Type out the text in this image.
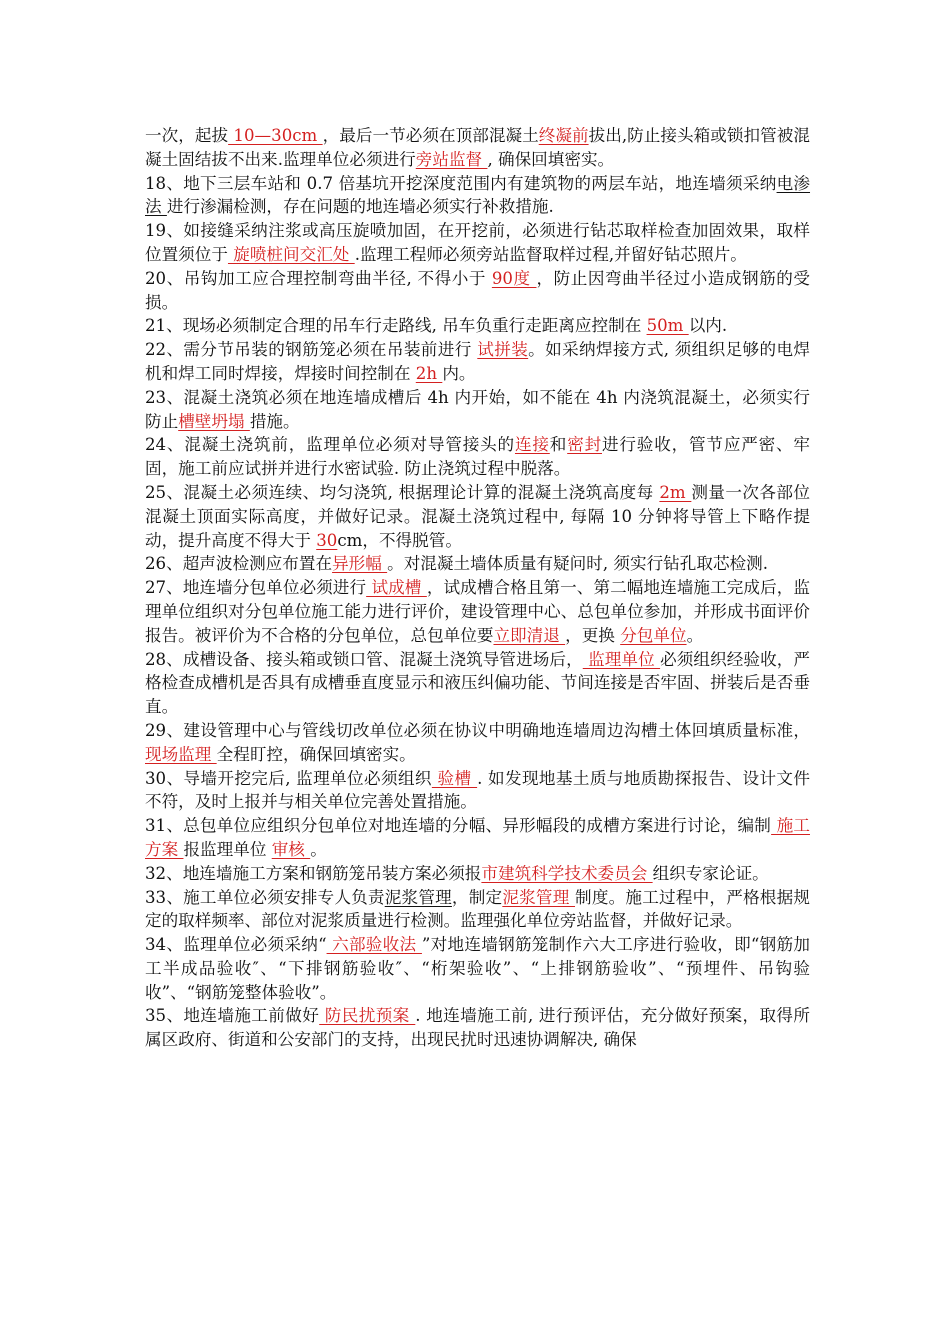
一次，起拔 10—30cm ，最后一节必须在顶部混凝土终凝前拔出,防止接头箱或锁扣管被混凝土固结拔不出来.监理单位必须进行旁站监督 , 确保回填密实。
18、地下三层车站和 0.7 倍基坑开挖深度范围内有建筑物的两层车站，地连墙须采纳电渗法 进行渗漏检测，存在问题的地连墙必须实行补救措施.
19、如接缝采纳注浆或高压旋喷加固，在开挖前，必须进行钻芯取样检查加固效果，取样位置须位于 旋喷桩间交汇处 .监理工程师必须旁站监督取样过程,并留好钻芯照片。
20、吊钩加工应合理控制弯曲半径, 不得小于 90度 ，防止因弯曲半径过小造成钢筋的受损。
21、现场必须制定合理的吊车行走路线, 吊车负重行走距离应控制在 50m 以内.
22、需分节吊装的钢筋笼必须在吊装前进行 试拼装。如采纳焊接方式, 须组织足够的电焊机和焊工同时焊接，焊接时间控制在 2h 内。
23、混凝土浇筑必须在地连墙成槽后 4h 内开始，如不能在 4h 内浇筑混凝土，必须实行防止槽壁坍塌 措施。
24、混凝土浇筑前，监理单位必须对导管接头的连接和密封进行验收，管节应严密、牢固，施工前应试拼并进行水密试验. 防止浇筑过程中脱落。
25、混凝土必须连续、均匀浇筑, 根据理论计算的混凝土浇筑高度每 2m 测量一次各部位混凝土顶面实际高度，并做好记录。混凝土浇筑过程中, 每隔 10 分钟将导管上下略作提动，提升高度不得大于 30cm，不得脱管。
26、超声波检测应布置在异形幅 。对混凝土墙体质量有疑问时, 须实行钻孔取芯检测.
27、地连墙分包单位必须进行 试成槽 ，试成槽合格且第一、第二幅地连墙施工完成后，监理单位组织对分包单位施工能力进行评价，建设管理中心、总包单位参加，并形成书面评价报告。被评价为不合格的分包单位，总包单位要立即清退 ，更换 分包单位。
28、成槽设备、接头箱或锁口管、混凝土浇筑导管进场后， 监理单位 必须组织经验收，严格检查成槽机是否具有成槽垂直度显示和液压纠偏功能、节间连接是否牢固、拼装后是否垂直。
29、建设管理中心与管线切改单位必须在协议中明确地连墙周边沟槽土体回填质量标准， 现场监理 全程盯控，确保回填密实。
30、导墙开挖完后, 监理单位必须组织 验槽 . 如发现地基土质与地质勘探报告、设计文件不符，及时上报并与相关单位完善处置措施。
31、总包单位应组织分包单位对地连墙的分幅、异形幅段的成槽方案进行讨论，编制 施工方案 报监理单位 审核 。
32、地连墙施工方案和钢筋笼吊装方案必须报市建筑科学技术委员会 组织专家论证。
33、施工单位必须安排专人负责泥浆管理，制定泥浆管理 制度。施工过程中，严格根据规定的取样频率、部位对泥浆质量进行检测。监理强化单位旁站监督，并做好记录。
34、监理单位必须采纳“ 六部验收法 ”对地连墙钢筋笼制作六大工序进行验收，即“钢筋加工半成品验收″、“下排钢筋验收″、“桁架验收”、“上排钢筋验收”、“预埋件、吊钩验收”、“钢筋笼整体验收”。
35、地连墙施工前做好 防民扰预案 . 地连墙施工前, 进行预评估，充分做好预案，取得所属区政府、街道和公安部门的支持，出现民扰时迅速协调解决, 确保
